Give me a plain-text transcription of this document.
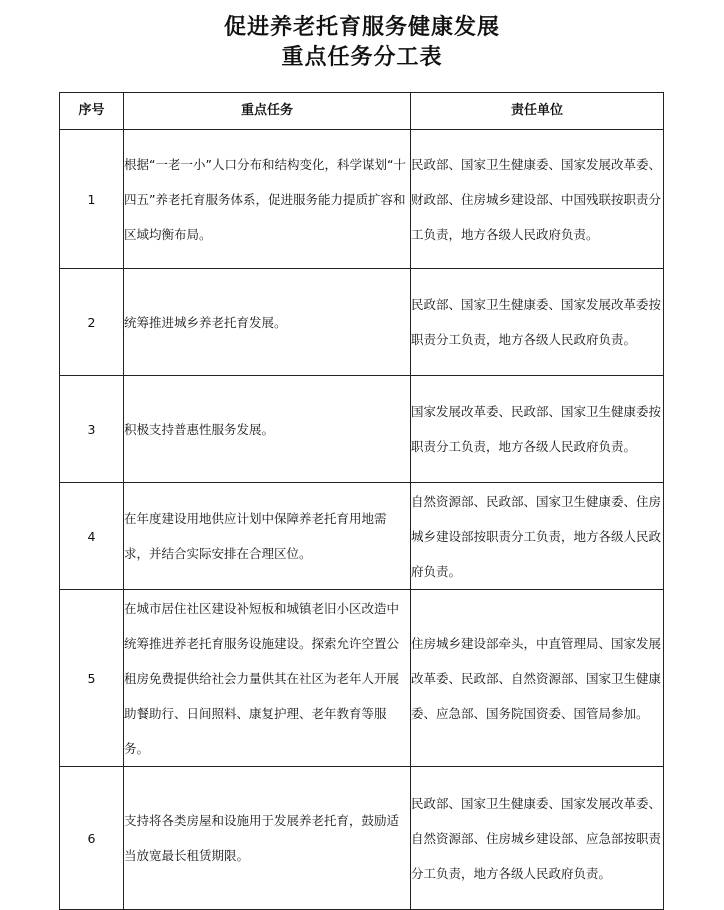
促进养老托育服务健康发展
重点任务分工表
序号	重点任务	责任单位
1	根据“一老一小”人口分布和结构变化，科学谋划“十四五”养老托育服务体系，促进服务能力提质扩容和区域均衡布局。	民政部、国家卫生健康委、国家发展改革委、财政部、住房城乡建设部、中国残联按职责分工负责，地方各级人民政府负责。

2	统筹推进城乡养老托育发展。	民政部、国家卫生健康委、国家发展改革委按职责分工负责，地方各级人民政府负责。

3	积极支持普惠性服务发展。	国家发展改革委、民政部、国家卫生健康委按职责分工负责，地方各级人民政府负责。

4	在年度建设用地供应计划中保障养老托育用地需求，并结合实际安排在合理区位。	自然资源部、民政部、国家卫生健康委、住房城乡建设部按职责分工负责，地方各级人民政府负责。

5	在城市居住社区建设补短板和城镇老旧小区改造中统筹推进养老托育服务设施建设。探索允许空置公租房免费提供给社会力量供其在社区为老年人开展助餐助行、日间照料、康复护理、老年教育等服务。	住房城乡建设部牵头，中直管理局、国家发展改革委、民政部、自然资源部、国家卫生健康委、应急部、国务院国资委、国管局参加。

6	支持将各类房屋和设施用于发展养老托育，鼓励适当放宽最长租赁期限。	民政部、国家卫生健康委、国家发展改革委、自然资源部、住房城乡建设部、应急部按职责分工负责，地方各级人民政府负责。
